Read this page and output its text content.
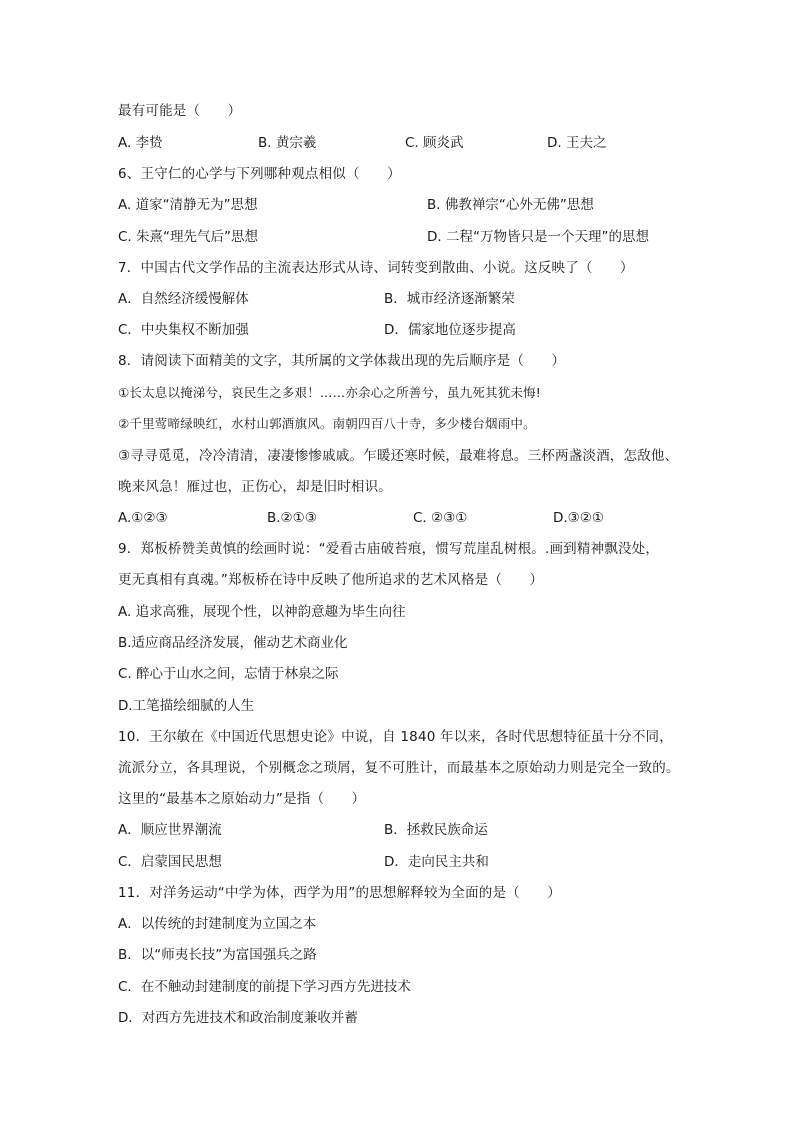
最有可能是（　　）
A. 李贽	B. 黄宗羲	C. 顾炎武	D. 王夫之
6、王守仁的心学与下列哪种观点相似（　　）
A. 道家“清静无为”思想	B. 佛教禅宗“心外无佛”思想
C. 朱熹“理先气后”思想	D. 二程“万物皆只是一个天理”的思想
7．中国古代文学作品的主流表达形式从诗、词转变到散曲、小说。这反映了（　　）
A．自然经济缓慢解体	B．城市经济逐渐繁荣
C．中央集权不断加强	D．儒家地位逐步提高
8．请阅读下面精美的文字，其所属的文学体裁出现的先后顺序是（　　）
①长太息以掩涕兮，哀民生之多艰！……亦余心之所善兮，虽九死其犹未悔!
②千里莺啼绿映红，水村山郭酒旗风。南朝四百八十寺，多少楼台烟雨中。
③寻寻觅觅，冷冷清清，凄凄惨惨戚戚。乍暖还寒时候，最难将息。三杯两盏淡酒，怎敌他、
晚来风急！雁过也，正伤心，却是旧时相识。
A.①②③	B.②①③	C. ②③①	D.③②①
9．郑板桥赞美黄慎的绘画时说：“爱看古庙破苔痕，惯写荒崖乱树根。.画到精神飘没处，
更无真相有真魂。”郑板桥在诗中反映了他所追求的艺术风格是（　　）
A. 追求高雅，展现个性，以神韵意趣为毕生向往
B.适应商品经济发展，催动艺术商业化
C. 醉心于山水之间，忘情于林泉之际
D.工笔描绘细腻的人生
10．王尔敏在《中国近代思想史论》中说，自 1840 年以来，各时代思想特征虽十分不同，
流派分立，各具理说，个别概念之琐屑，复不可胜计，而最基本之原始动力则是完全一致的。
这里的“最基本之原始动力”是指（　　）
A．顺应世界潮流	B．拯救民族命运
C．启蒙国民思想	D．走向民主共和
11．对洋务运动“中学为体，西学为用”的思想解释较为全面的是（　　）
A．以传统的封建制度为立国之本
B．以“师夷长技”为富国强兵之路
C．在不触动封建制度的前提下学习西方先进技术
D．对西方先进技术和政治制度兼收并蓄
